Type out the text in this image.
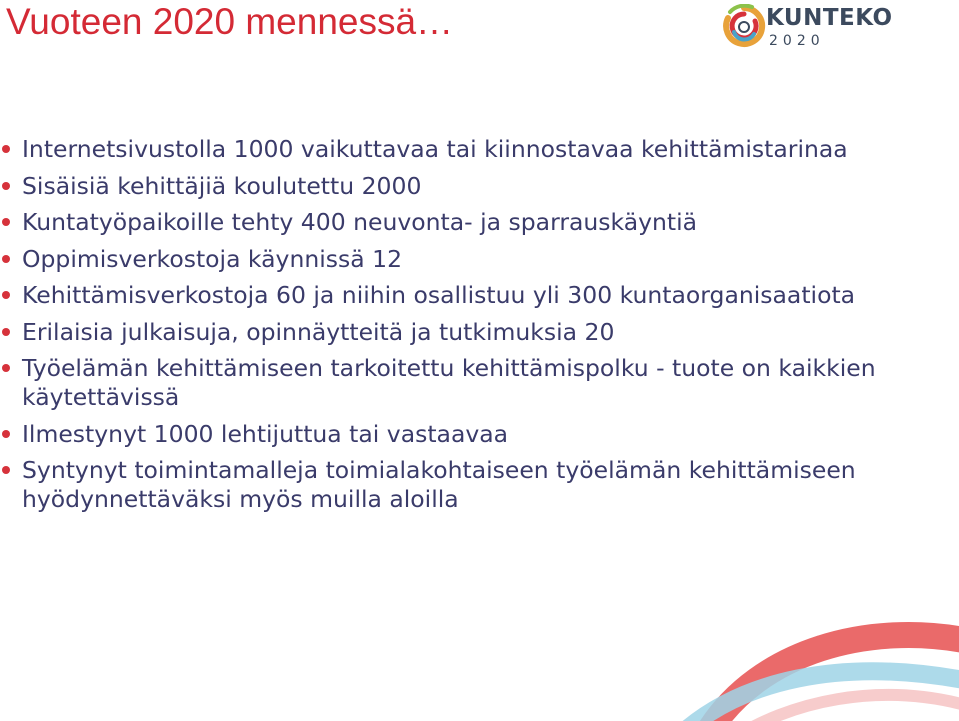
Vuoteen 2020 mennessä…	KUNTEKO
2020
Internetsivustolla 1000 vaikuttavaa tai kiinnostavaa kehittämistarinaa
Sisäisiä kehittäjiä koulutettu 2000
Kuntatyöpaikoille tehty 400 neuvonta- ja sparrauskäyntiä
Oppimisverkostoja käynnissä 12
Kehittämisverkostoja 60 ja niihin osallistuu yli 300 kuntaorganisaatiota
Erilaisia julkaisuja, opinnäytteitä ja tutkimuksia 20
Työelämän kehittämiseen tarkoitettu kehittämispolku - tuote on kaikkien käytettävissä
Ilmestynyt 1000 lehtijuttua tai vastaavaa
Syntynyt toimintamalleja toimialakohtaiseen työelämän kehittämiseen hyödynnettäväksi myös muilla aloilla
